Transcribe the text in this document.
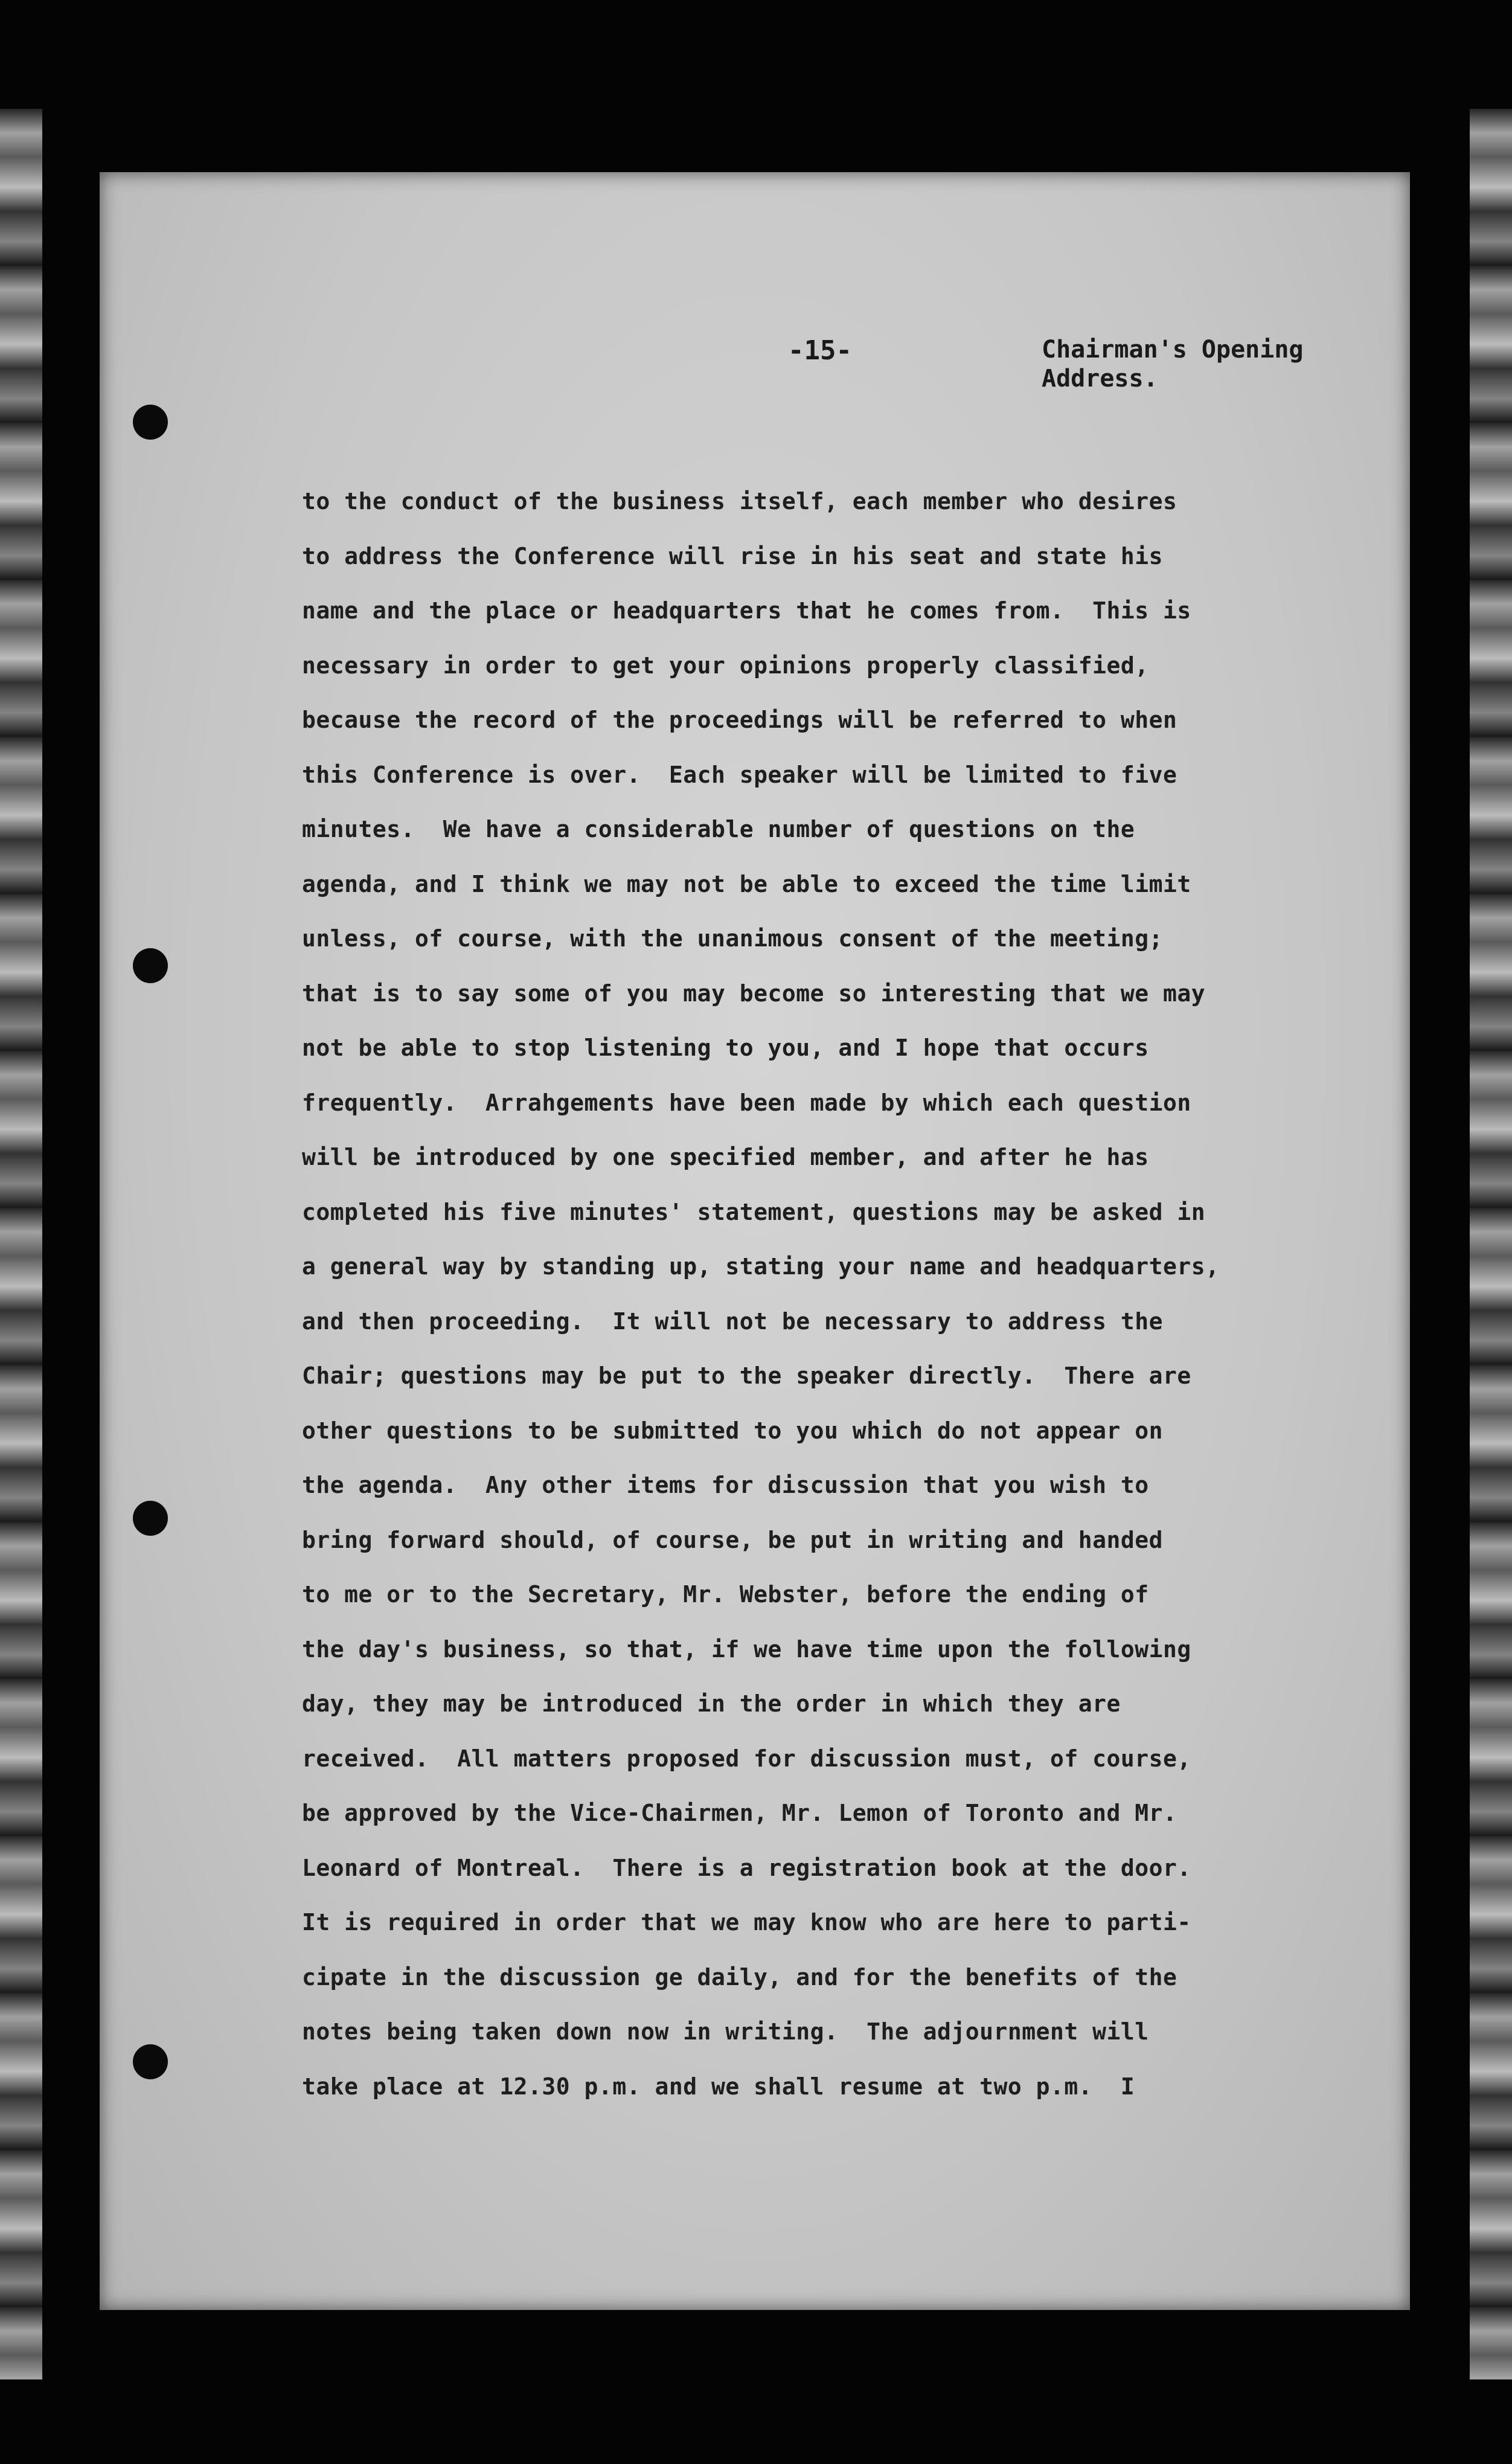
-15-	Chairman's Opening
Address.
to the conduct of the business itself, each member who desires
to address the Conference will rise in his seat and state his
name and the place or headquarters that he comes from.  This is
necessary in order to get your opinions properly classified,
because the record of the proceedings will be referred to when
this Conference is over.  Each speaker will be limited to five
minutes.  We have a considerable number of questions on the
agenda, and I think we may not be able to exceed the time limit
unless, of course, with the unanimous consent of the meeting;
that is to say some of you may become so interesting that we may
not be able to stop listening to you, and I hope that occurs
frequently.  Arrahgements have been made by which each question
will be introduced by one specified member, and after he has
completed his five minutes' statement, questions may be asked in
a general way by standing up, stating your name and headquarters,
and then proceeding.  It will not be necessary to address the
Chair; questions may be put to the speaker directly.  There are
other questions to be submitted to you which do not appear on
the agenda.  Any other items for discussion that you wish to
bring forward should, of course, be put in writing and handed
to me or to the Secretary, Mr. Webster, before the ending of
the day's business, so that, if we have time upon the following
day, they may be introduced in the order in which they are
received.  All matters proposed for discussion must, of course,
be approved by the Vice-Chairmen, Mr. Lemon of Toronto and Mr.
Leonard of Montreal.  There is a registration book at the door.
It is required in order that we may know who are here to parti-
cipate in the discussion ge daily, and for the benefits of the
notes being taken down now in writing.  The adjournment will
take place at 12.30 p.m. and we shall resume at two p.m.  I
